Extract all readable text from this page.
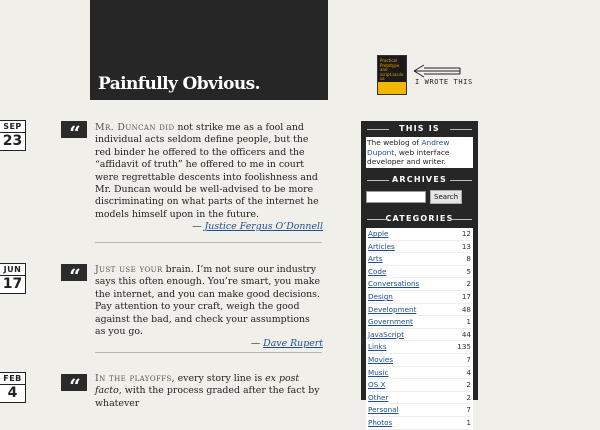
Painfully Obvious.
Practical Prototype and script.aculo.us	I WROTE THIS
SEP
23	“	Mr. Duncan did not strike me as a fool and individual acts seldom define people, but the red binder he offered to the officers and the “affidavit of truth” he offered to me in court were regrettable descents into foolishness and Mr. Duncan would be well-advised to be more discriminating on what parts of the internet he models himself upon in the future.

— Justice Fergus O’Donnell

JUN
17	“	Just use your brain. I’m not sure our industry says this often enough. You’re smart, you make the internet, and you can make good decisions. Pay attention to your craft, weigh the good against the bad, and check your assumptions as you go.

— Dave Rupert

FEB
4	“	In the playoffs, every story line is ex post facto, with the process graded after the fact by whatever

THIS IS
The weblog of Andrew Dupont, web interface developer and writer.
ARCHIVES
Search
CATEGORIES
Apple	12
Articles	13
Arts	8
Code	5
Conversations	2
Design	17
Development	48
Government	1
JavaScript	44
Links	135
Movies	7
Music	4
OS X	2
Other	2
Personal	7
Photos	1
